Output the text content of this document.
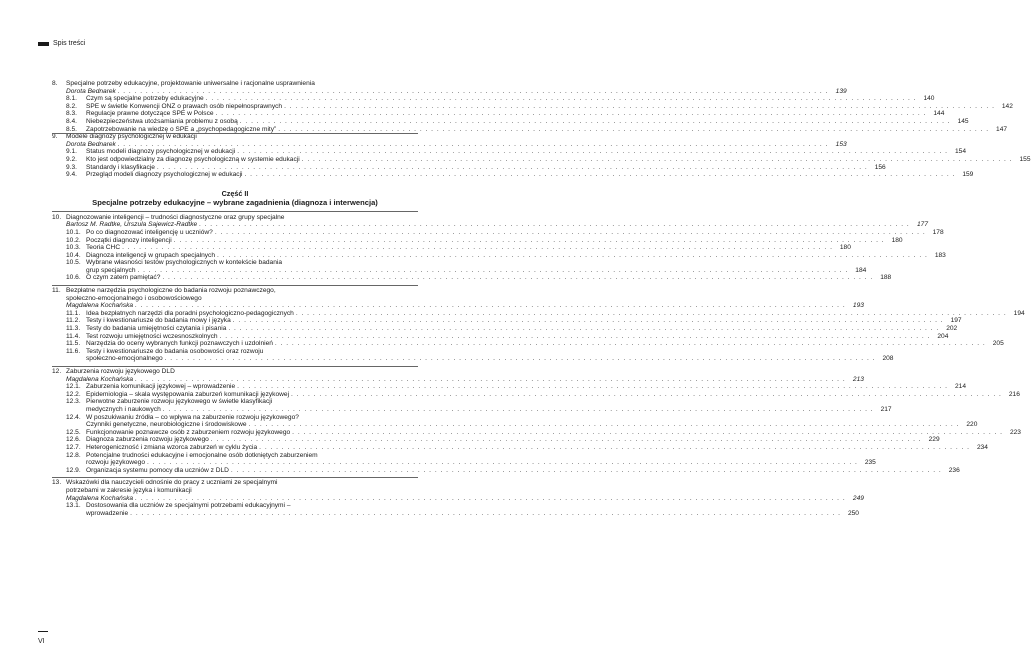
Spis treści
8. Specjalne potrzeby edukacyjne, projektowanie uniwersalne i racjonalne usprawnienia
Dorota Bednarek . . .	139
8.1.	Czym są specjalne potrzeby edukacyjne . . .	140
8.2.	SPE w świetle Konwencji ONZ o prawach osób niepełnosprawnych . . .	142
8.3.	Regulacje prawne dotyczące SPE w Polsce . . .	144
8.4.	Niebezpieczeństwa utożsamiania problemu z osobą . . .	145
8.5.	Zapotrzebowanie na wiedzę o SPE a „psychopedagogiczne mity” . . .	147
9. Modele diagnozy psychologicznej w edukacji
Dorota Bednarek . . .	153
9.1.	Status modeli diagnozy psychologicznej w edukacji . . .	154
9.2.	Kto jest odpowiedzialny za diagnozę psychologiczną w systemie edukacji . . .	155
9.3.	Standardy i klasyfikacje . . .	156
9.4.	Przegląd modeli diagnozy psychologicznej w edukacji . . .	159
Część II
Specjalne potrzeby edukacyjne – wybrane zagadnienia (diagnoza i interwencja)
10. Diagnozowanie inteligencji – trudności diagnostyczne oraz grupy specjalne
Bartosz M. Radtke, Urszula Sajewicz-Radtke . . .	177
10.1. Po co diagnozować inteligencję u uczniów? . . .	178
10.2. Początki diagnozy inteligencji . . .	180
10.3. Teoria CHC . . .	180
10.4. Diagnoza inteligencji w grupach specjalnych . . .	183
10.5. Wybrane własności testów psychologicznych w kontekście badania
grup specjalnych . . .	184
10.6. O czym zatem pamiętać? . . .	188
11. Bezpłatne narzędzia psychologiczne do badania rozwoju poznawczego,
społeczno-emocjonalnego i osobowościowego
Magdalena Kochańska . . .	193
11.1. Idea bezpłatnych narzędzi dla poradni psychologiczno-pedagogicznych . . .	194
11.2. Testy i kwestionariusze do badania mowy i języka . . .	197
11.3. Testy do badania umiejętności czytania i pisania . . .	202
11.4. Test rozwoju umiejętności wczesnoszkolnych . . .	204
11.5. Narzędzia do oceny wybranych funkcji poznawczych i uzdolnień . . .	205
11.6. Testy i kwestionariusze do badania osobowości oraz rozwoju
społeczno-emocjonalnego . . .	208
12. Zaburzenia rozwoju językowego DLD
Magdalena Kochańska . . .	213
12.1. Zaburzenia komunikacji językowej – wprowadzenie . . .	214
12.2. Epidemiologia – skala występowania zaburzeń komunikacji językowej . . .	216
12.3. Pierwotne zaburzenie rozwoju językowego w świetle klasyfikacji
medycznych i naukowych . . .	217
12.4. W poszukiwaniu źródła – co wpływa na zaburzenie rozwoju językowego?
Czynniki genetyczne, neurobiologiczne i środowiskowe . . .	220
12.5. Funkcjonowanie poznawcze osób z zaburzeniem rozwoju językowego . . .	223
12.6. Diagnoza zaburzenia rozwoju językowego . . .	229
12.7. Heterogeniczność i zmiana wzorca zaburzeń w cyklu życia . . .	234
12.8. Potencjalne trudności edukacyjne i emocjonalne osób dotkniętych zaburzeniem
rozwoju językowego . . .	235
12.9. Organizacja systemu pomocy dla uczniów z DLD . . .	236
13. Wskazówki dla nauczycieli odnośnie do pracy z uczniami ze specjalnymi
potrzebami w zakresie języka i komunikacji
Magdalena Kochańska . . .	249
13.1. Dostosowania dla uczniów ze specjalnymi potrzebami edukacyjnymi –
wprowadzenie . . .	250
VI
